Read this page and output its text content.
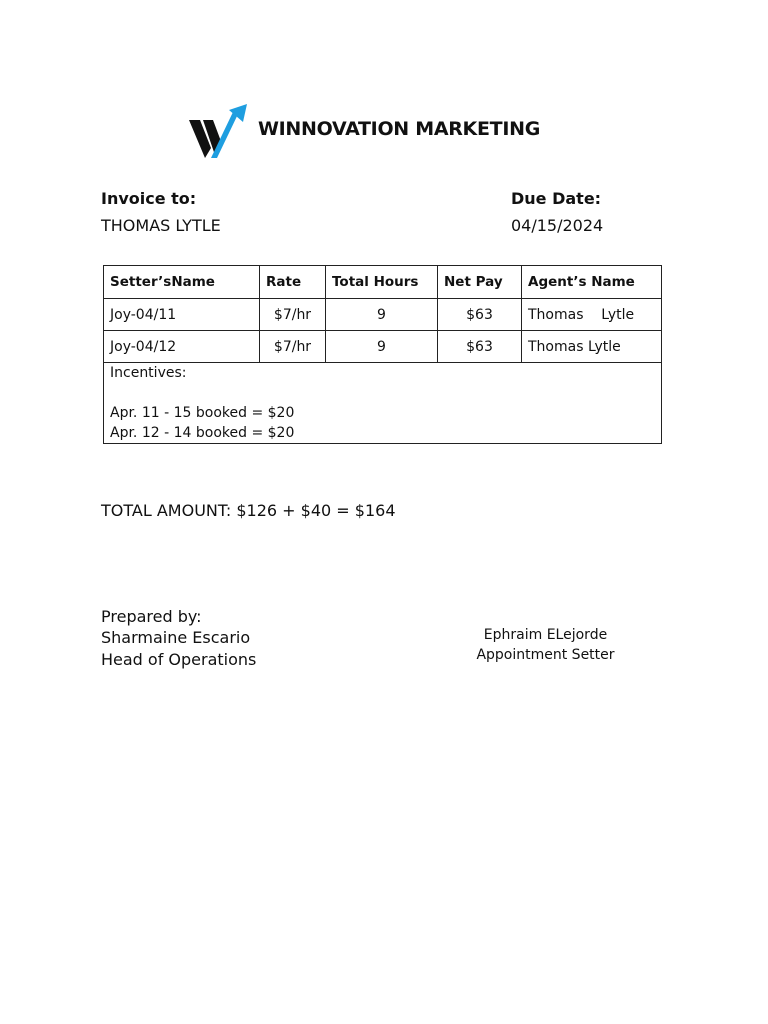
WINNOVATION MARKETING
Invoice to:
THOMAS LYTLE
Due Date:
04/15/2024
Setter’sName	Rate	Total Hours	Net Pay	Agent’s Name
Joy-04/11	$7/hr	9	$63	Thomas    Lytle
Joy-04/12	$7/hr	9	$63	Thomas Lytle

Incentives:
Apr. 11 - 15 booked = $20
Apr. 12 - 14 booked = $20				
TOTAL AMOUNT: $126 + $40 = $164
Prepared by:
Sharmaine Escario
Head of Operations
Ephraim ELejorde
Appointment Setter
